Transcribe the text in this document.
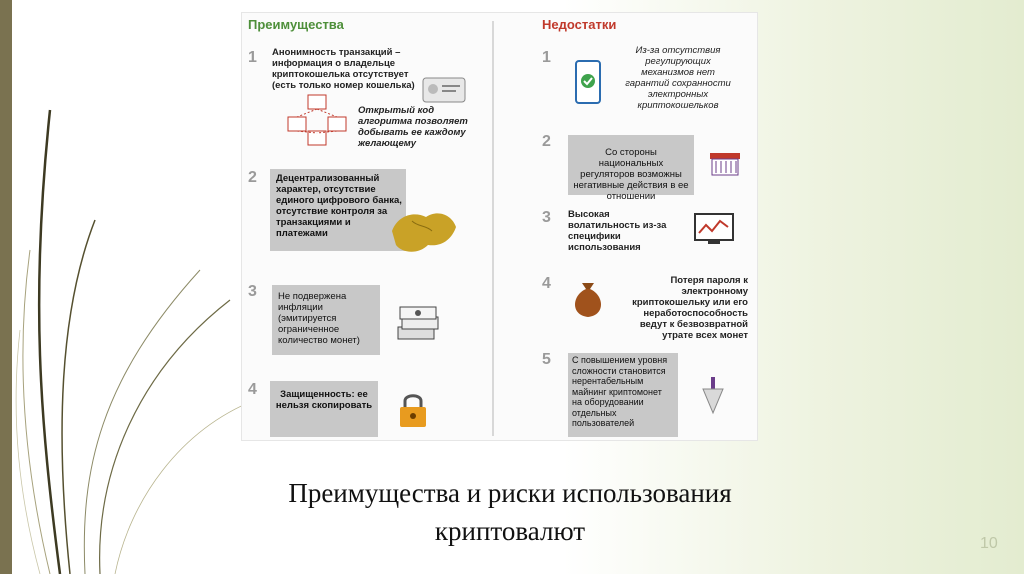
Преимущества
1 Анонимность транзакций – информация о владельце криптокошелька отсутствует (есть только номер кошелька)
Открытый код алгоритма позволяет добывать ее каждому желающему
2 Децентрализованный характер, отсутствие единого цифрового банка, отсутствие контроля за транзакциями и платежами
3 Не подвержена инфляции (эмитируется ограниченное количество монет)
4	Защищенность: ее нельзя скопировать
Недостатки
1	Из-за отсутствия регулирующих механизмов нет гарантий сохранности электронных криптокошельков
2
Со стороны национальных регуляторов возможны негативные действия в ее отношении
3 Высокая волатильность из-за специфики использования
4	Потеря пароля к электронному криптокошельку или его неработоспособность ведут к безвозвратной утрате всех монет
5 С повышением уровня сложности становится нерентабельным майнинг криптомонет на оборудовании отдельных пользователей
Преимущества и риски использования
криптовалют	10
